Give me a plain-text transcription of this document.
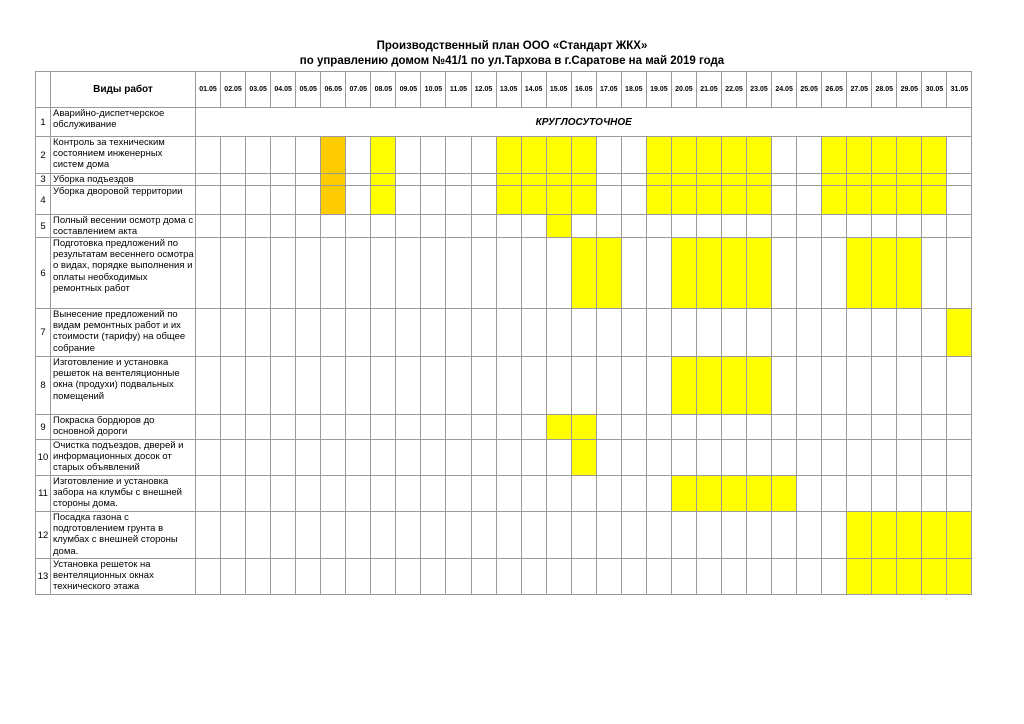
Производственный план ООО «Стандарт ЖКХ»
по управлению домом №41/1 по ул.Тархова в г.Саратове на май 2019 года
	Виды работ	01.05	02.05	03.05	04.05	05.05	06.05	07.05	08.05	09.05	10.05	11.05	12.05	13.05	14.05	15.05	16.05	17.05	18.05	19.05	20.05	21.05	22.05	23.05	24.05	25.05	26.05	27.05	28.05	29.05	30.05	31.05
1	Аварийно-диспетчерское обслуживание	КРУГЛОСУТОЧНОЕ																														
2	Контроль за техническим состоянием инженерных систем дома																															

3	Уборка подъездов																															

4	Уборка дворовой территории																															

5	Полный весении осмотр дома с составлением акта																															

6	Подготовка предложений по результатам весеннего осмотра о видах, порядке выполнения и оплаты необходимых ремонтных работ																															

7	Вынесение предложений по видам ремонтных работ и их стоимости (тарифу) на общее собрание																															

8	Изготовление и установка решеток на вентеляционные окна (продухи) подвальных помещений																															

9	Покраска бордюров до основной дороги																															

10	Очистка подъездов, дверей и информационных досок от старых объявлений																															

11	Изготовление и установка забора на клумбы с внешней стороны дома.																															

12	Посадка газона с подготовлением грунта в клумбах с внешней стороны дома.																															

13	Установка решеток на вентеляционных окнах технического этажа																															
